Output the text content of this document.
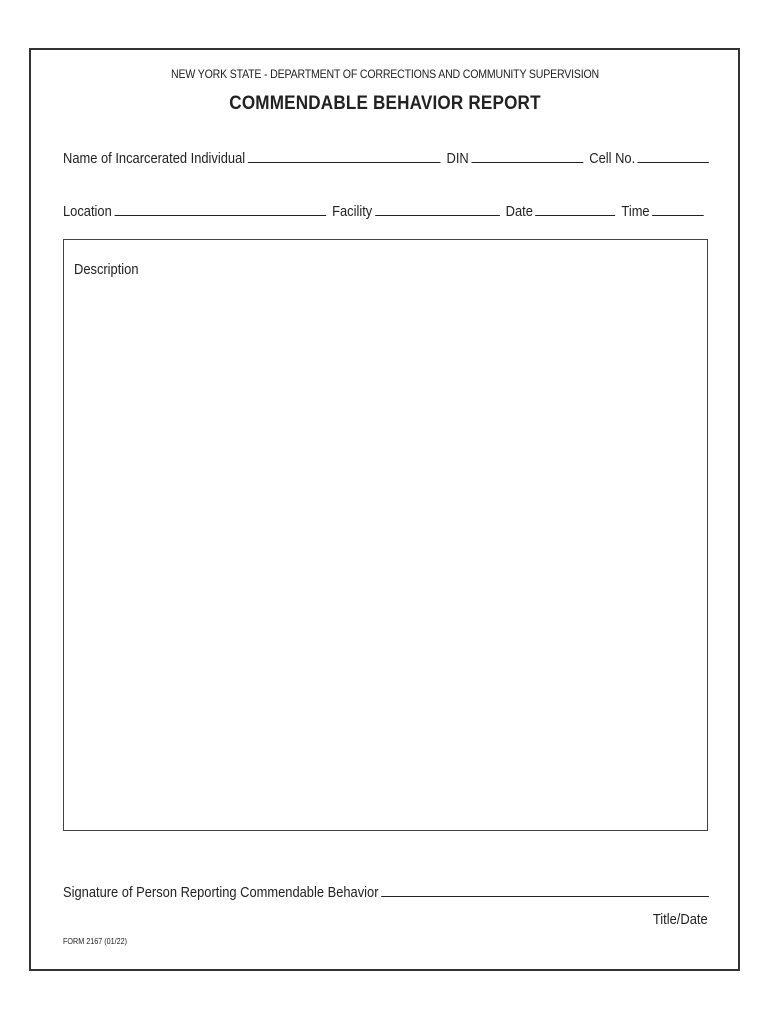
NEW YORK STATE - DEPARTMENT OF CORRECTIONS AND COMMUNITY SUPERVISION
COMMENDABLE BEHAVIOR REPORT
Name of Incarcerated Individual	DIN	Cell No.
Location	Facility	Date	Time
Description
Signature of Person Reporting Commendable Behavior
Title/Date
FORM 2167 (01/22)
